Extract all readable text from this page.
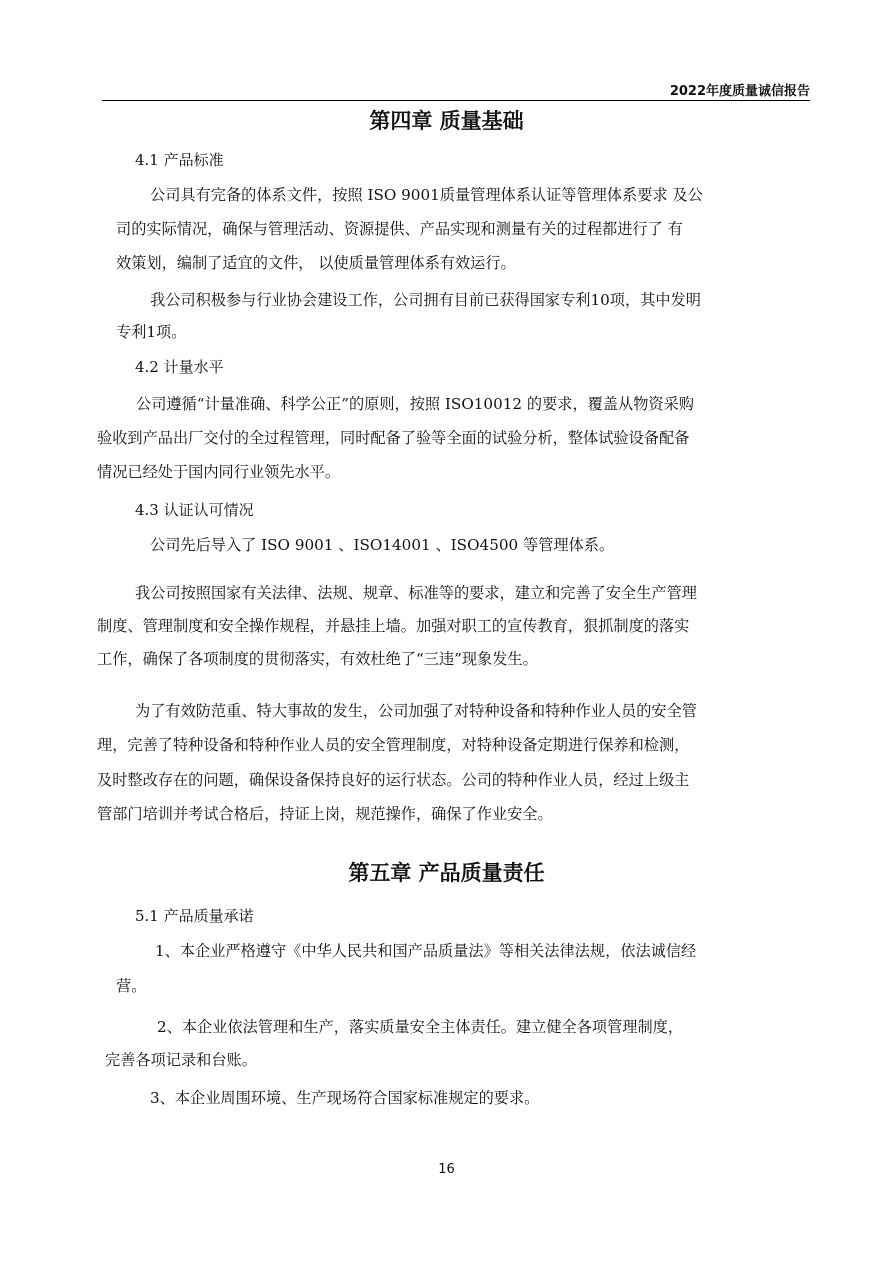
2022年度质量诚信报告
第四章 质量基础
4.1 产品标准
公司具有完备的体系文件，按照 ISO 9001质量管理体系认证等管理体系要求 及公
司的实际情况，确保与管理活动、资源提供、产品实现和测量有关的过程都进行了 有
效策划，编制了适宜的文件， 以使质量管理体系有效运行。
我公司积极参与行业协会建设工作，公司拥有目前已获得国家专利10项，其中发明
专利1项。
4.2 计量水平
公司遵循“计量准确、科学公正”的原则，按照 ISO10012 的要求，覆盖从物资采购
验收到产品出厂交付的全过程管理，同时配备了验等全面的试验分析，整体试验设备配备
情况已经处于国内同行业领先水平。
4.3 认证认可情况
公司先后导入了 ISO 9001 、ISO14001 、ISO4500 等管理体系。
我公司按照国家有关法律、法规、规章、标准等的要求，建立和完善了安全生产管理
制度、管理制度和安全操作规程，并悬挂上墙。加强对职工的宣传教育，狠抓制度的落实
工作，确保了各项制度的贯彻落实，有效杜绝了“三违”现象发生。
为了有效防范重、特大事故的发生，公司加强了对特种设备和特种作业人员的安全管
理，完善了特种设备和特种作业人员的安全管理制度，对特种设备定期进行保养和检测，
及时整改存在的问题，确保设备保持良好的运行状态。公司的特种作业人员，经过上级主
管部门培训并考试合格后，持证上岗，规范操作，确保了作业安全。
第五章 产品质量责任
5.1 产品质量承诺
1、本企业严格遵守《中华人民共和国产品质量法》等相关法律法规，依法诚信经
营。
2、本企业依法管理和生产，落实质量安全主体责任。建立健全各项管理制度，
完善各项记录和台账。
3、本企业周围环境、生产现场符合国家标准规定的要求。
16
